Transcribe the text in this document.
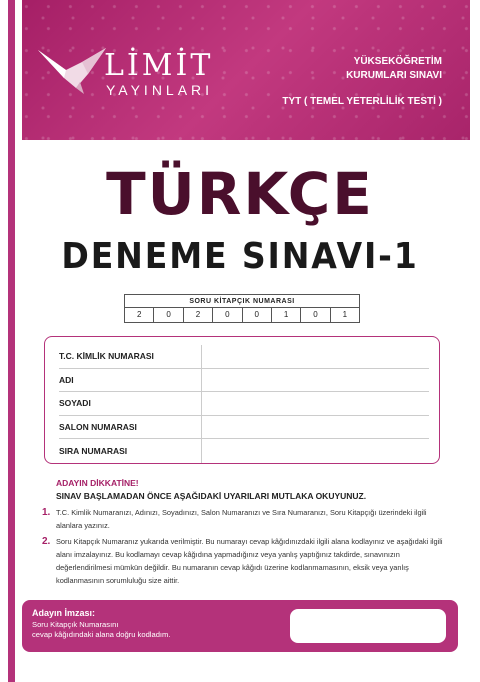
LİMİT
YAYINLARI
YÜKSEKÖĞRETİM
KURUMLARI SINAVI
TYT ( TEMEL YETERLİLİK TESTİ )
TÜRKÇE
DENEME SINAVI-1
SORU KİTAPÇIK NUMARASI
2	0	2	0	0	1	0	1
T.C. KİMLİK NUMARASI
ADI
SOYADI
SALON NUMARASI
SIRA NUMARASI
ADAYIN DİKKATİNE!
SINAV BAŞLAMADAN ÖNCE AŞAĞIDAKİ UYARILARI MUTLAKA OKUYUNUZ.
1. T.C. Kimlik Numaranızı, Adınızı, Soyadınızı, Salon Numaranızı ve Sıra Numaranızı, Soru Kitapçığı üzerindeki ilgili alanlara yazınız.
2. Soru Kitapçık Numaranız yukarıda verilmiştir. Bu numarayı cevap kâğıdınızdaki ilgili alana kodlayınız ve aşağıdaki ilgili alanı imzalayınız. Bu kodlamayı cevap kâğıdına yapmadığınız veya yanlış yaptığınız takdirde, sınavınızın değerlendirilmesi mümkün değildir. Bu numaranın cevap kâğıdı üzerine kodlanmamasının, eksik veya yanlış kodlanmasının sorumluluğu size aittir.
Adayın İmzası:
Soru Kitapçık Numarasını
cevap kâğıdındaki alana doğru kodladım.
